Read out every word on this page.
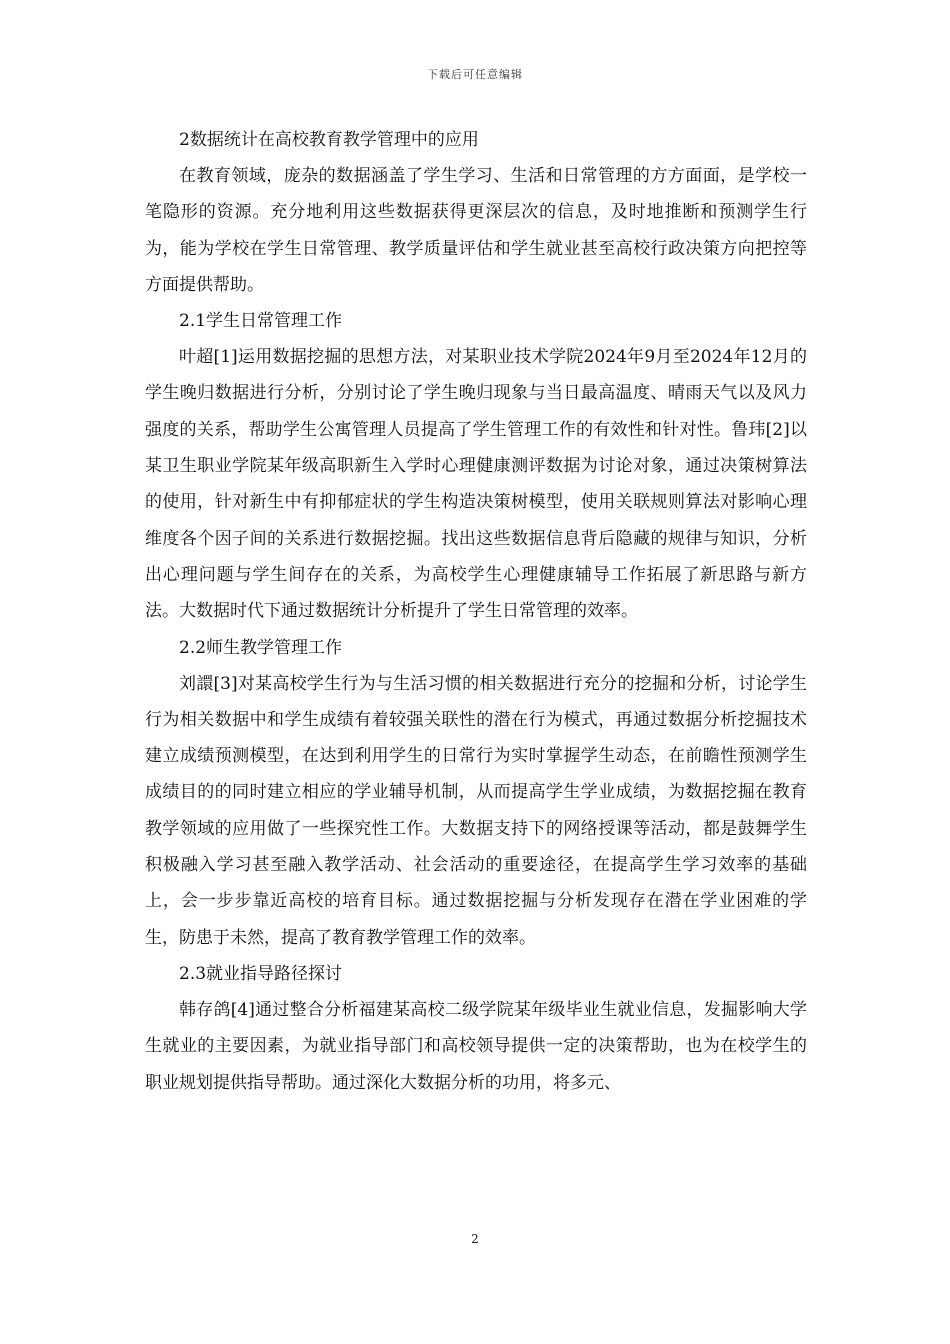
下载后可任意编辑

2数据统计在高校教育教学管理中的应用

在教育领域，庞杂的数据涵盖了学生学习、生活和日常管理的方方面面，是学校一笔隐形的资源。充分地利用这些数据获得更深层次的信息，及时地推断和预测学生行为，能为学校在学生日常管理、教学质量评估和学生就业甚至高校行政决策方向把控等方面提供帮助。

2.1学生日常管理工作

叶超[1]运用数据挖掘的思想方法，对某职业技术学院2024年9月至2024年12月的学生晚归数据进行分析，分别讨论了学生晚归现象与当日最高温度、晴雨天气以及风力强度的关系，帮助学生公寓管理人员提高了学生管理工作的有效性和针对性。鲁玮[2]以某卫生职业学院某年级高职新生入学时心理健康测评数据为讨论对象，通过决策树算法的使用，针对新生中有抑郁症状的学生构造决策树模型，使用关联规则算法对影响心理维度各个因子间的关系进行数据挖掘。找出这些数据信息背后隐藏的规律与知识，分析出心理问题与学生间存在的关系，为高校学生心理健康辅导工作拓展了新思路与新方法。大数据时代下通过数据统计分析提升了学生日常管理的效率。

2.2师生教学管理工作

刘譞[3]对某高校学生行为与生活习惯的相关数据进行充分的挖掘和分析，讨论学生行为相关数据中和学生成绩有着较强关联性的潜在行为模式，再通过数据分析挖掘技术建立成绩预测模型，在达到利用学生的日常行为实时掌握学生动态，在前瞻性预测学生成绩目的的同时建立相应的学业辅导机制，从而提高学生学业成绩，为数据挖掘在教育教学领域的应用做了一些探究性工作。大数据支持下的网络授课等活动，都是鼓舞学生积极融入学习甚至融入教学活动、社会活动的重要途径，在提高学生学习效率的基础上，会一步步靠近高校的培育目标。通过数据挖掘与分析发现存在潜在学业困难的学生，防患于未然，提高了教育教学管理工作的效率。

2.3就业指导路径探讨

韩存鸽[4]通过整合分析福建某高校二级学院某年级毕业生就业信息，发掘影响大学生就业的主要因素，为就业指导部门和高校领导提供一定的决策帮助，也为在校学生的职业规划提供指导帮助。通过深化大数据分析的功用，将多元、

2
